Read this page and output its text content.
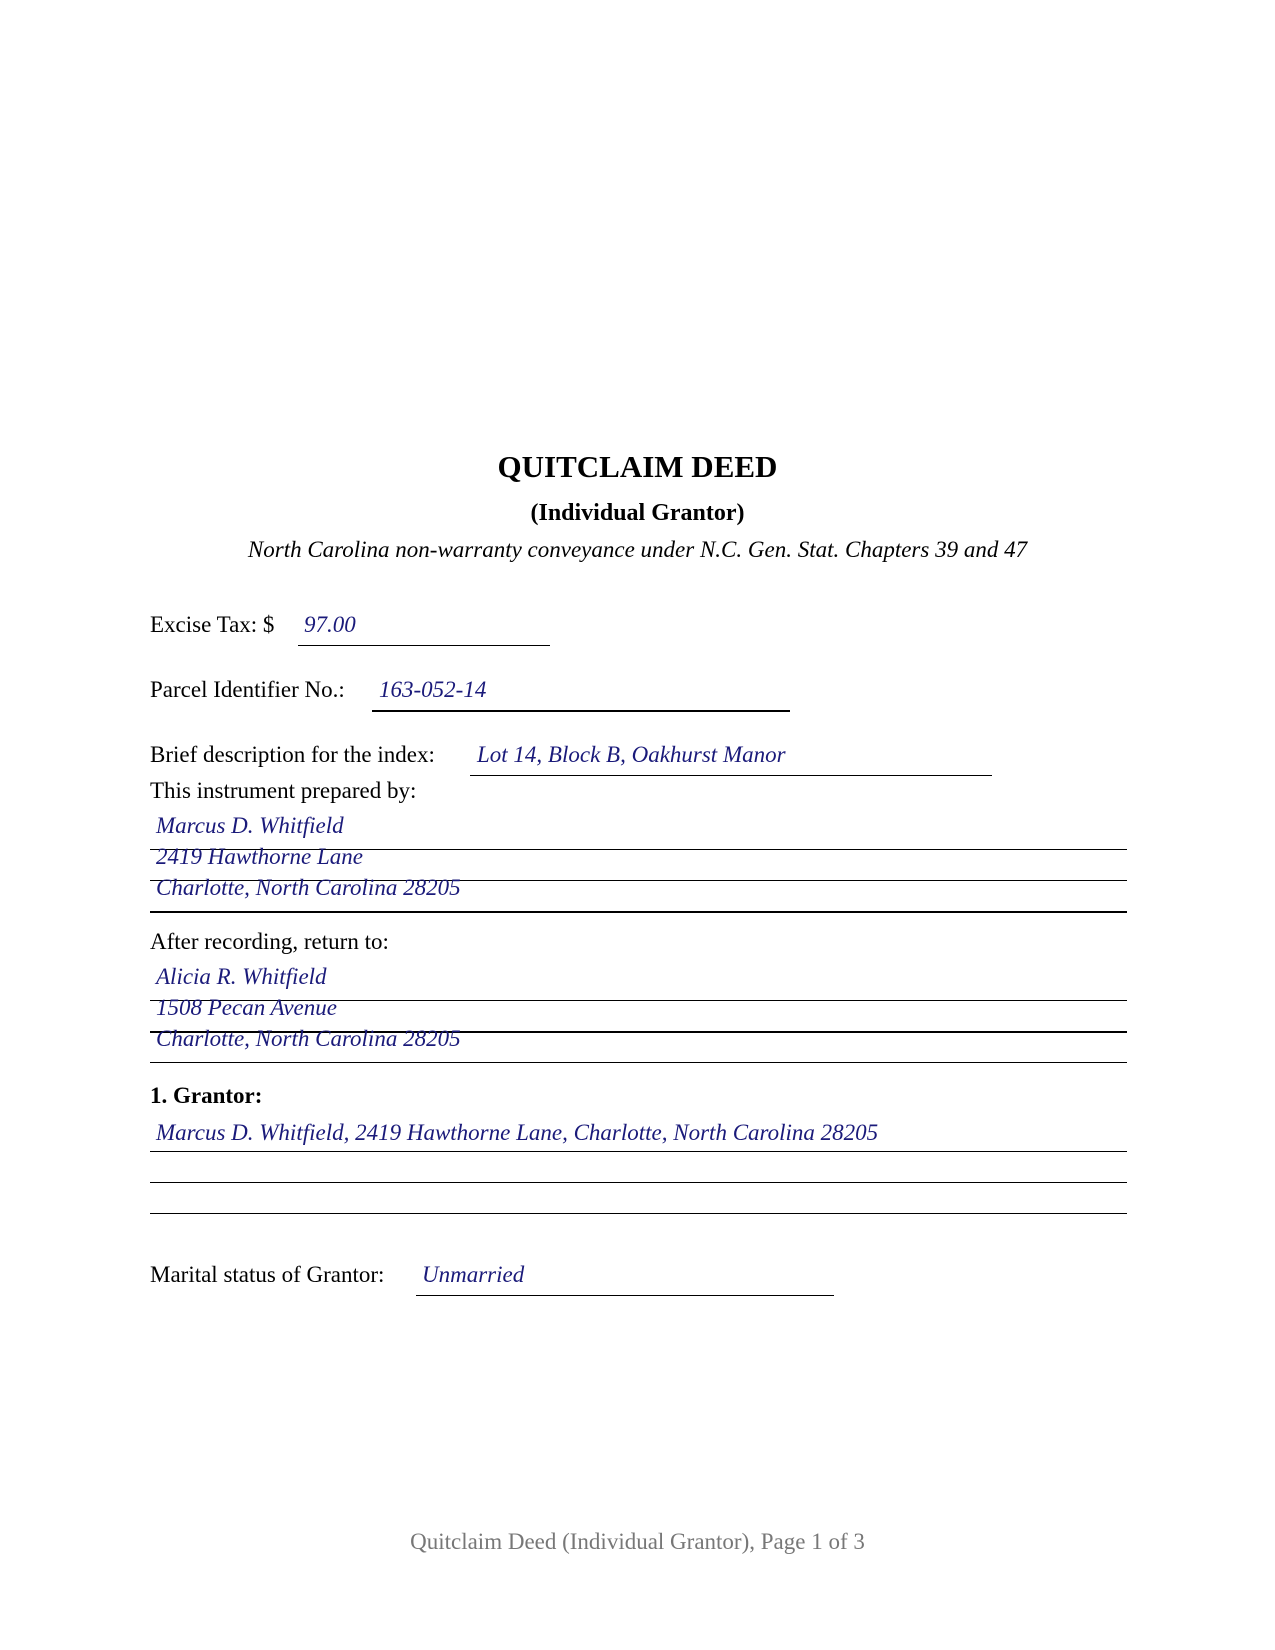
QUITCLAIM DEED
(Individual Grantor)
North Carolina non-warranty conveyance under N.C. Gen. Stat. Chapters 39 and 47
Excise Tax: $ 97.00
Parcel Identifier No.: 163-052-14
Brief description for the index: Lot 14, Block B, Oakhurst Manor
This instrument prepared by:
Marcus D. Whitfield
2419 Hawthorne Lane
Charlotte, North Carolina 28205
After recording, return to:
Alicia R. Whitfield
1508 Pecan Avenue
Charlotte, North Carolina 28205
1. Grantor:
Marcus D. Whitfield, 2419 Hawthorne Lane, Charlotte, North Carolina 28205
Marital status of Grantor: Unmarried
Quitclaim Deed (Individual Grantor), Page 1 of 3
